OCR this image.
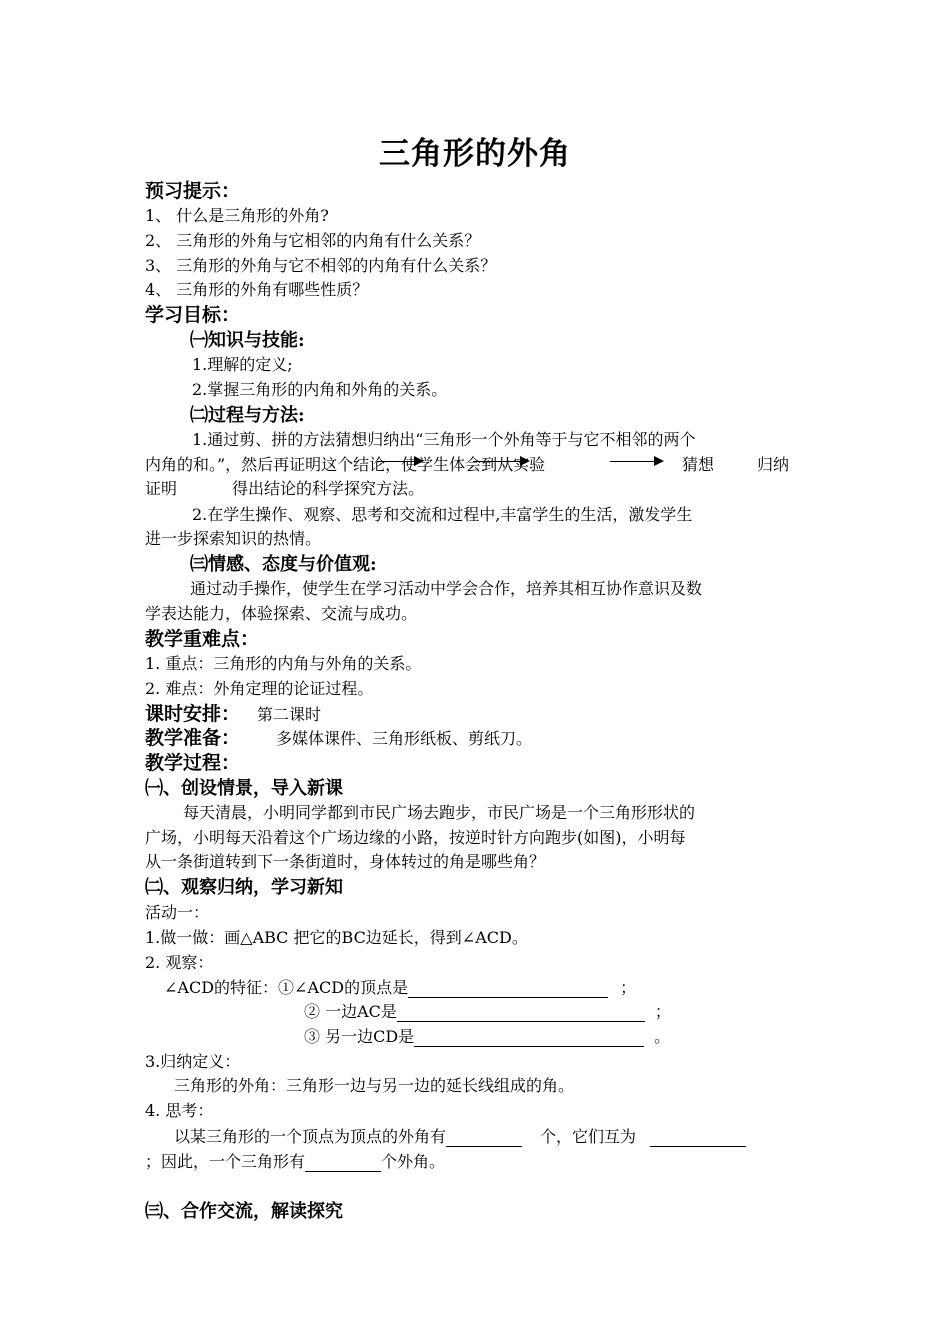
三角形的外角
预习提示：
1、 什么是三角形的外角?
2、 三角形的外角与它相邻的内角有什么关系？
3、 三角形的外角与它不相邻的内角有什么关系？
4、 三角形的外角有哪些性质？
学习目标：
㈠知识与技能:
1.理解的定义;
2.掌握三角形的内角和外角的关系。
㈡过程与方法:
1.通过剪、拼的方法猜想归纳出“三角形一个外角等于与它不相邻的两个
内角的和。”，然后再证明这个结论，使学生体会到从实验	猜想	归纳
证明	得出结论的科学探究方法。
2.在学生操作、观察、思考和交流和过程中,丰富学生的生活，激发学生
进一步探索知识的热情。
㈢情感、态度与价值观:
通过动手操作，使学生在学习活动中学会合作，培养其相互协作意识及数
学表达能力，体验探索、交流与成功。
教学重难点：
1. 重点：三角形的内角与外角的关系。
2. 难点：外角定理的论证过程。
课时安排： 第二课时
教学准备： 多媒体课件、三角形纸板、剪纸刀。
教学过程：
㈠、创设情景，导入新课
每天清晨，小明同学都到市民广场去跑步，市民广场是一个三角形形状的
广场，小明每天沿着这个广场边缘的小路，按逆时针方向跑步(如图)，小明每
从一条街道转到下一条街道时，身体转过的角是哪些角？
㈡、观察归纳，学习新知
活动一：
1.做一做：画△ABC 把它的BC边延长，得到∠ACD。
2. 观察：
∠ACD的特征：①∠ACD的顶点是	；
② 一边AC是	；
③ 另一边CD是	。
3.归纳定义：
三角形的外角：三角形一边与另一边的延长线组成的角。
4. 思考：
以某三角形的一个顶点为顶点的外角有	个，它们互为
；因此，一个三角形有	个外角。
㈢、合作交流，解读探究
